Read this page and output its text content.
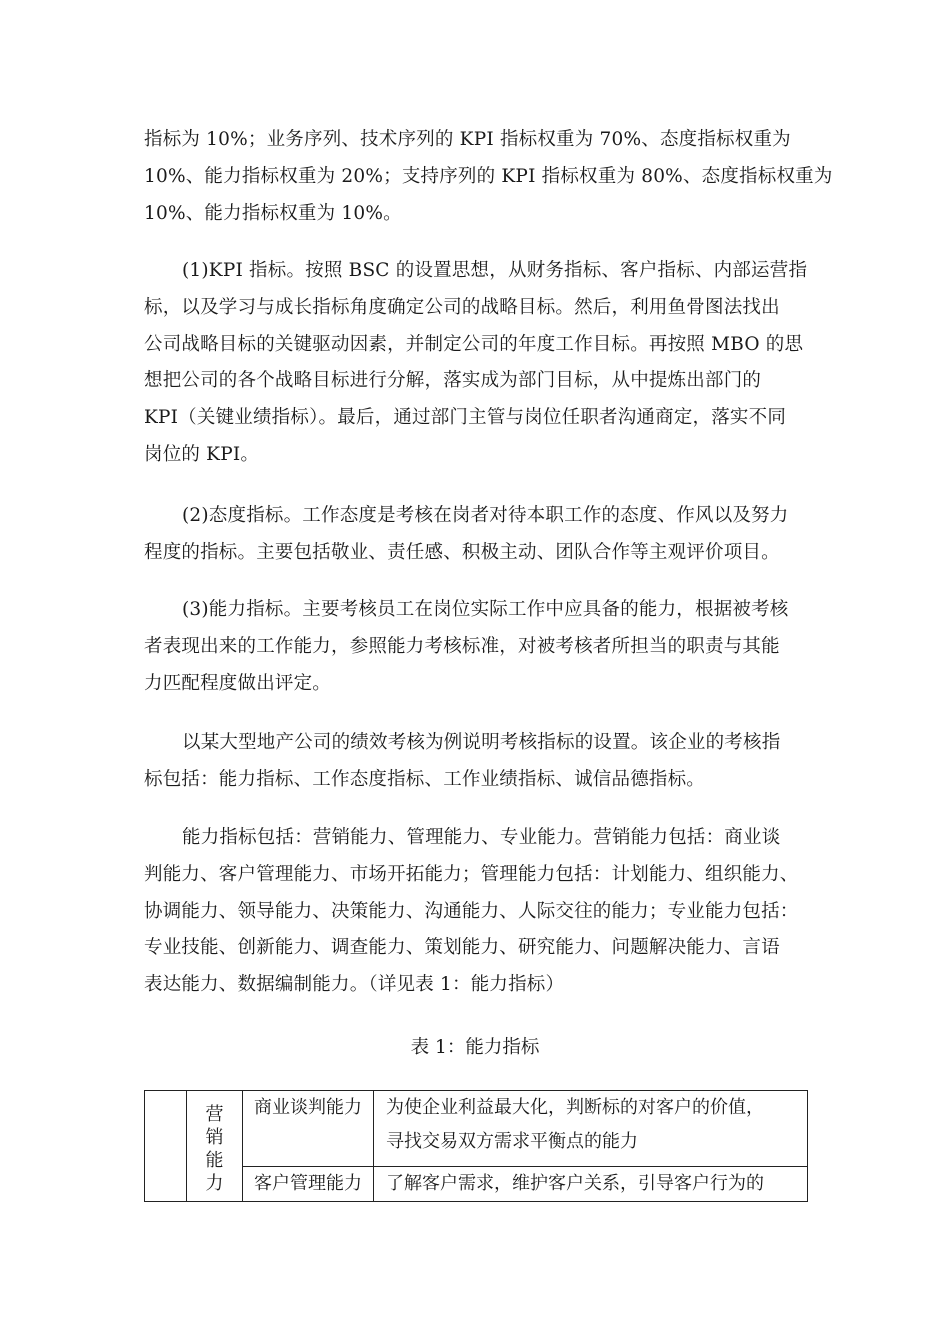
指标为 10%；业务序列、技术序列的 KPI 指标权重为 70%、态度指标权重为
10%、能力指标权重为 20%；支持序列的 KPI 指标权重为 80%、态度指标权重为
10%、能力指标权重为 10%。

(1)KPI 指标。按照 BSC 的设置思想，从财务指标、客户指标、内部运营指
标，以及学习与成长指标角度确定公司的战略目标。然后，利用鱼骨图法找出
公司战略目标的关键驱动因素，并制定公司的年度工作目标。再按照 MBO 的思
想把公司的各个战略目标进行分解，落实成为部门目标，从中提炼出部门的
KPI（关键业绩指标）。最后，通过部门主管与岗位任职者沟通商定，落实不同
岗位的 KPI。

(2)态度指标。工作态度是考核在岗者对待本职工作的态度、作风以及努力
程度的指标。主要包括敬业、责任感、积极主动、团队合作等主观评价项目。

(3)能力指标。主要考核员工在岗位实际工作中应具备的能力，根据被考核
者表现出来的工作能力，参照能力考核标准，对被考核者所担当的职责与其能
力匹配程度做出评定。

以某大型地产公司的绩效考核为例说明考核指标的设置。该企业的考核指
标包括：能力指标、工作态度指标、工作业绩指标、诚信品德指标。

能力指标包括：营销能力、管理能力、专业能力。营销能力包括：商业谈
判能力、客户管理能力、市场开拓能力；管理能力包括：计划能力、组织能力、
协调能力、领导能力、决策能力、沟通能力、人际交往的能力；专业能力包括：
专业技能、创新能力、调查能力、策划能力、研究能力、问题解决能力、言语
表达能力、数据编制能力。（详见表 1：能力指标）

表 1：能力指标
	营销能力	商业谈判能力	为使企业利益最大化，判断标的对客户的价值，
寻找交易双方需求平衡点的能力

		客户管理能力	了解客户需求，维护客户关系，引导客户行为的
